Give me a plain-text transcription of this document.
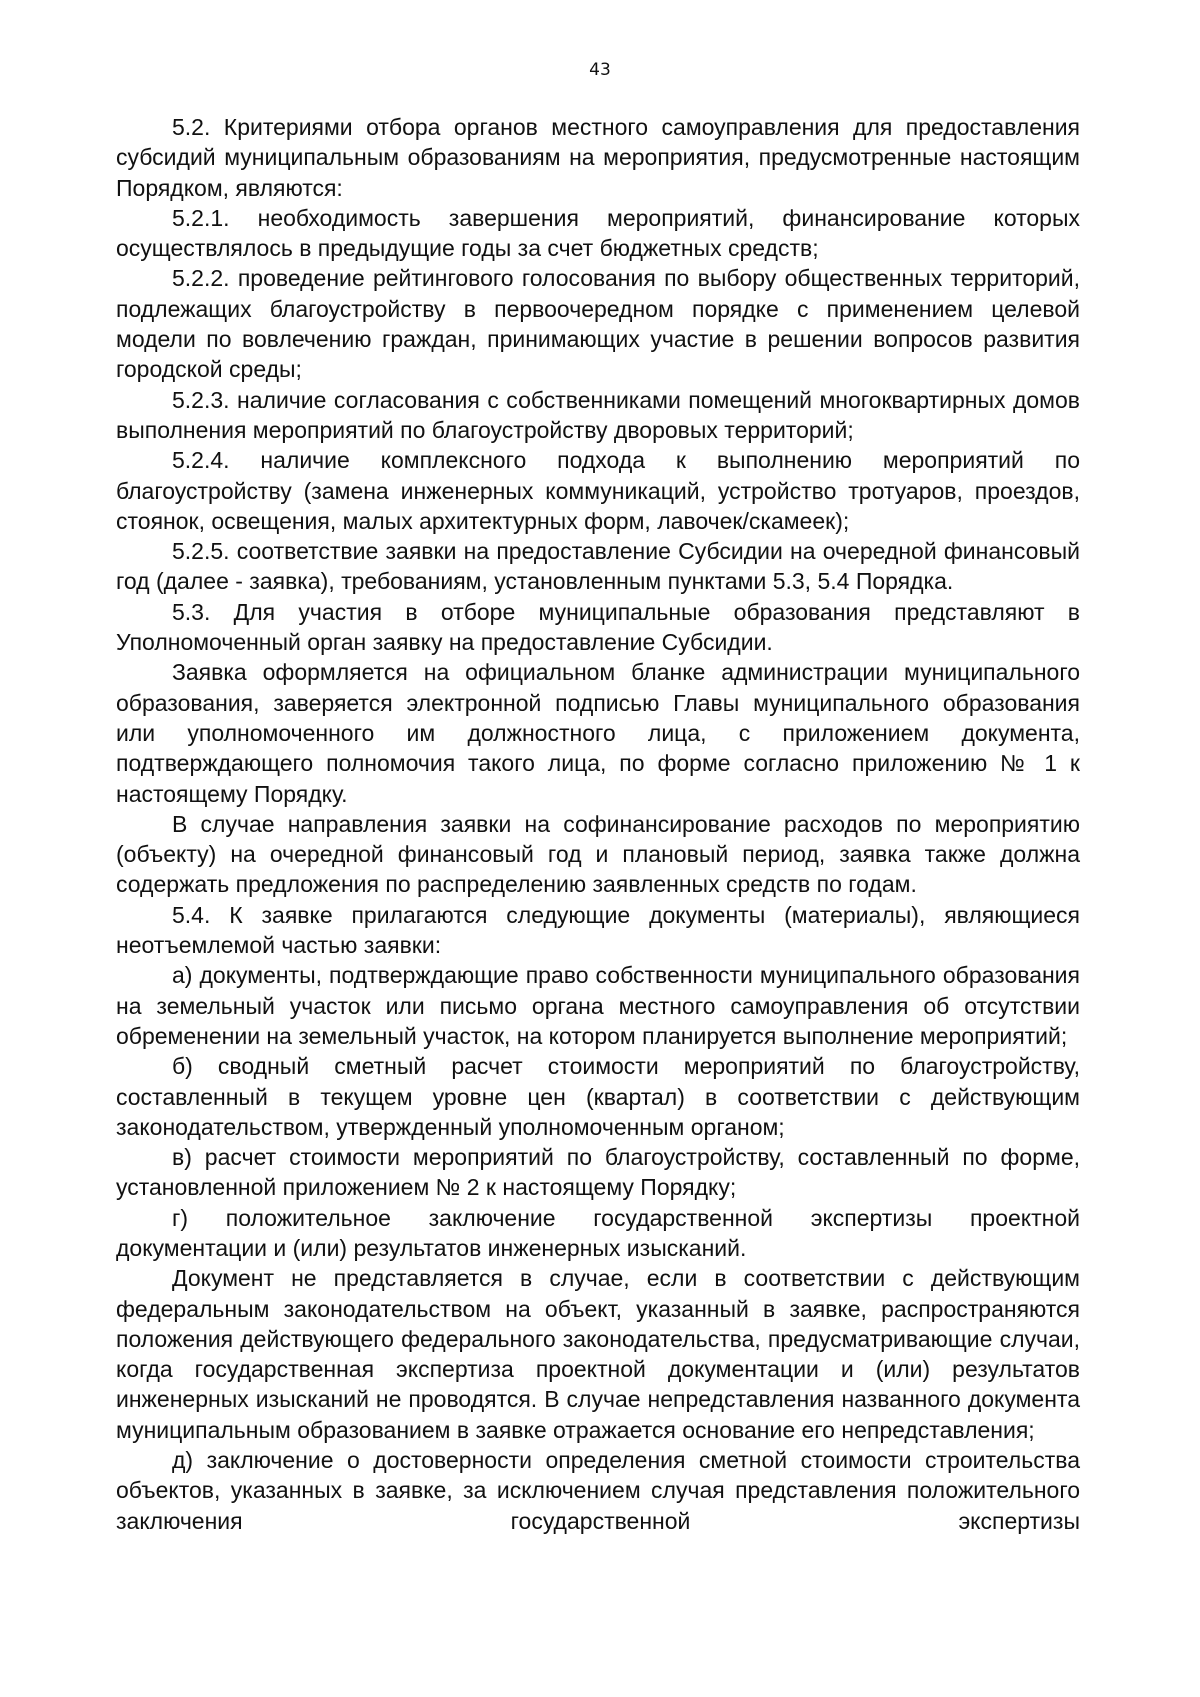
43

5.2. Критериями отбора органов местного самоуправления для предоставления субсидий муниципальным образованиям на мероприятия, предусмотренные настоящим Порядком, являются:

5.2.1. необходимость завершения мероприятий, финансирование которых осуществлялось в предыдущие годы за счет бюджетных средств;

5.2.2. проведение рейтингового голосования по выбору общественных территорий, подлежащих благоустройству в первоочередном порядке с применением целевой модели по вовлечению граждан, принимающих участие в решении вопросов развития городской среды;

5.2.3. наличие согласования с собственниками помещений многоквартирных домов выполнения мероприятий по благоустройству дворовых территорий;

5.2.4. наличие комплексного подхода к выполнению мероприятий по благоустройству (замена инженерных коммуникаций, устройство тротуаров, проездов, стоянок, освещения, малых архитектурных форм, лавочек/скамеек);

5.2.5. соответствие заявки на предоставление Субсидии на очередной финансовый год (далее - заявка), требованиям, установленным пунктами 5.3, 5.4 Порядка.

5.3. Для участия в отборе муниципальные образования представляют в Уполномоченный орган заявку на предоставление Субсидии.

Заявка оформляется на официальном бланке администрации муниципального образования, заверяется электронной подписью Главы муниципального образования или уполномоченного им должностного лица, с приложением документа, подтверждающего полномочия такого лица, по форме согласно приложению № 1 к настоящему Порядку.

В случае направления заявки на софинансирование расходов по мероприятию (объекту) на очередной финансовый год и плановый период, заявка также должна содержать предложения по распределению заявленных средств по годам.

5.4. К заявке прилагаются следующие документы (материалы), являющиеся неотъемлемой частью заявки:

а) документы, подтверждающие право собственности муниципального образования на земельный участок или письмо органа местного самоуправления об отсутствии обременении на земельный участок, на котором планируется выполнение мероприятий;

б) сводный сметный расчет стоимости мероприятий по благоустройству, составленный в текущем уровне цен (квартал) в соответствии с действующим законодательством, утвержденный уполномоченным органом;

в) расчет стоимости мероприятий по благоустройству, составленный по форме, установленной приложением № 2 к настоящему Порядку;

г) положительное заключение государственной экспертизы проектной документации и (или) результатов инженерных изысканий.

Документ не представляется в случае, если в соответствии с действующим федеральным законодательством на объект, указанный в заявке, распространяются положения действующего федерального законодательства, предусматривающие случаи, когда государственная экспертиза проектной документации и (или) результатов инженерных изысканий не проводятся. В случае непредставления названного документа муниципальным образованием в заявке отражается основание его непредставления;

д) заключение о достоверности определения сметной стоимости строительства объектов, указанных в заявке, за исключением случая представления положительного заключения государственной экспертизы
